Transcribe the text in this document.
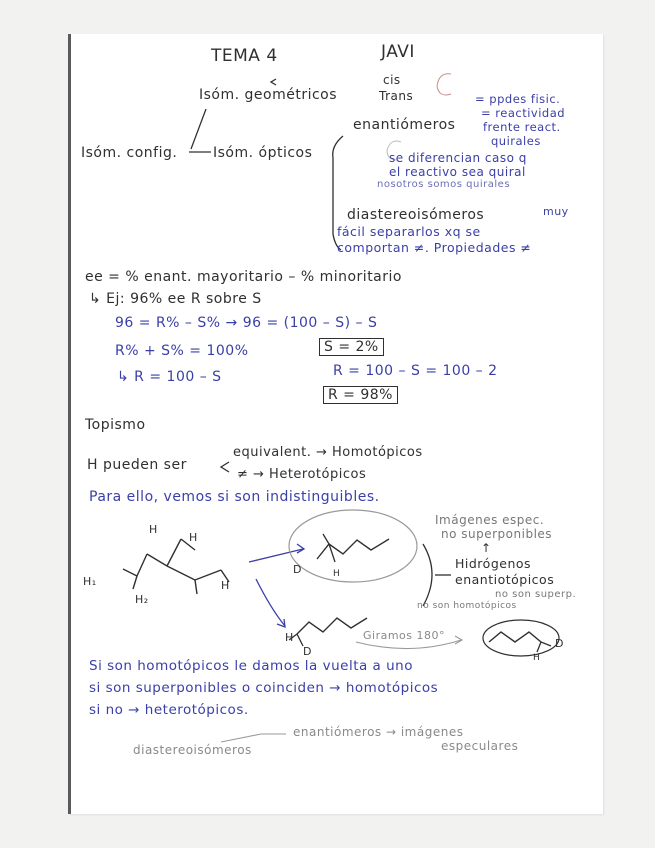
TEMA 4	JAVI
Isóm. geométricos
cis
Trans	= ppdes fisic.
= reactividad
frente react.
quirales
Isóm. config.	Isóm. ópticos
enantiómeros
se diferencian caso q
el reactivo sea quiral
nosotros somos quirales
diastereoisómeros	muy
fácil separarlos xq se
comportan ≠. Propiedades ≠
ee = % enant. mayoritario – % minoritario
↳ Ej: 96% ee R sobre S
96 = R% – S% → 96 = (100 – S) – S
R% + S% = 100%	S = 2%
↳ R = 100 – S	R = 100 – S = 100 – 2
R = 98%
Topismo
H pueden ser
equivalent. → Homotópicos
≠ → Heterotópicos
Para ello, vemos si son indistinguibles.
H
H
H₁
H₂
H
D	H
H
D
D
H
Giramos 180°
Imágenes espec.
no superponibles
↑
Hidrógenos
enantiotópicos
no son superp.
no son homotópicos
Si son homotópicos le damos la vuelta a uno
si son superponibles o coinciden → homotópicos
si no → heterotópicos.
enantiómeros → imágenes
especulares
diastereoisómeros
